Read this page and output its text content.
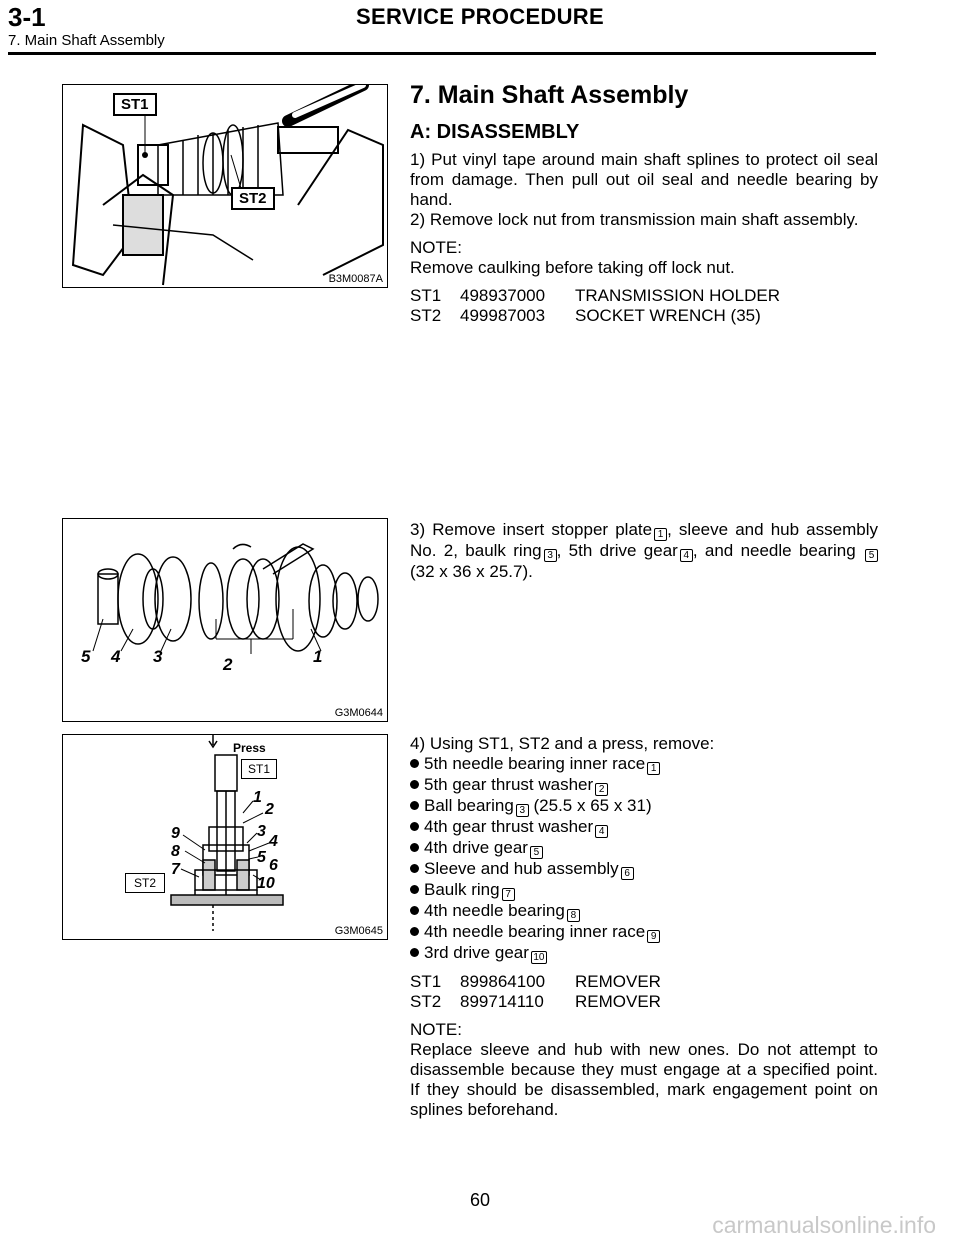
3-1	SERVICE PROCEDURE
7. Main Shaft Assembly
ST1
ST2
B3M0087A
5 4 3	2	1
G3M0644
Press
ST1
ST2
1
2
3
4
5 6
7
8
9
10
G3M0645
7. Main Shaft Assembly
A: DISASSEMBLY

1) Put vinyl tape around main shaft splines to protect oil seal from damage. Then pull out oil seal and needle bearing by hand.

2) Remove lock nut from transmission main shaft assembly.

NOTE:

Remove caulking before taking off lock nut.

ST1	498937000	TRANSMISSION HOLDER
ST2	499987003	SOCKET WRENCH (35)

3) Remove insert stopper plate 1 , sleeve and hub assembly No. 2, baulk ring 3 , 5th drive gear 4 , and needle bearing 5 (32 x 36 x 25.7).

4) Using ST1, ST2 and a press, remove:
5th needle bearing inner race 1
5th gear thrust washer 2
Ball bearing 3 (25.5 x 65 x 31)
4th gear thrust washer 4
4th drive gear 5
Sleeve and hub assembly 6
Baulk ring 7
4th needle bearing 8
4th needle bearing inner race 9
3rd drive gear 10
ST1	899864100	REMOVER
ST2	899714110	REMOVER
NOTE:

Replace sleeve and hub with new ones. Do not attempt to disassemble because they must engage at a specified point. If they should be disassembled, mark engagement point on splines beforehand.

60
carmanualsonline.info
